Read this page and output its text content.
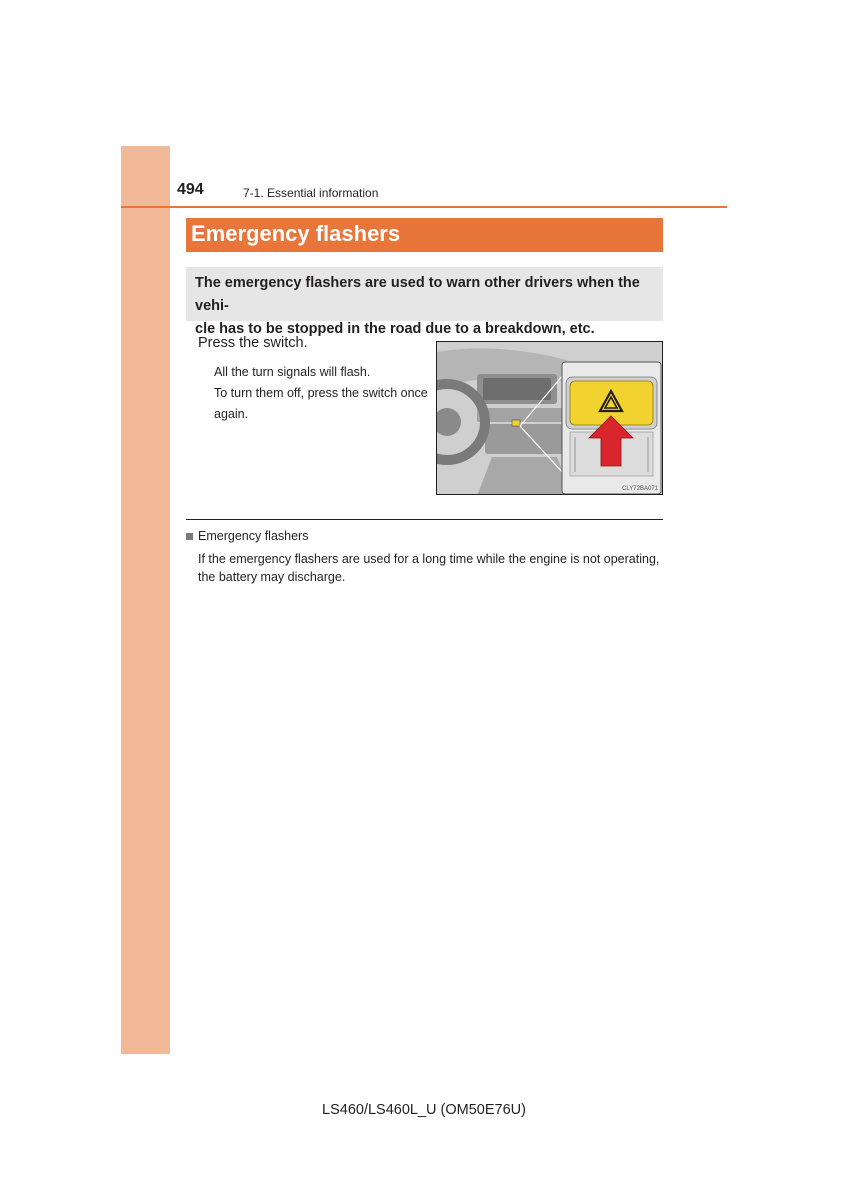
494	7-1. Essential information
Emergency flashers
The emergency flashers are used to warn other drivers when the vehi-
cle has to be stopped in the road due to a breakdown, etc.
Press the switch.
All the turn signals will flash.
To turn them off, press the switch once
again.
CLY72BA071
Emergency flashers
If the emergency flashers are used for a long time while the engine is not operating,
the battery may discharge.
LS460/LS460L_U (OM50E76U)
